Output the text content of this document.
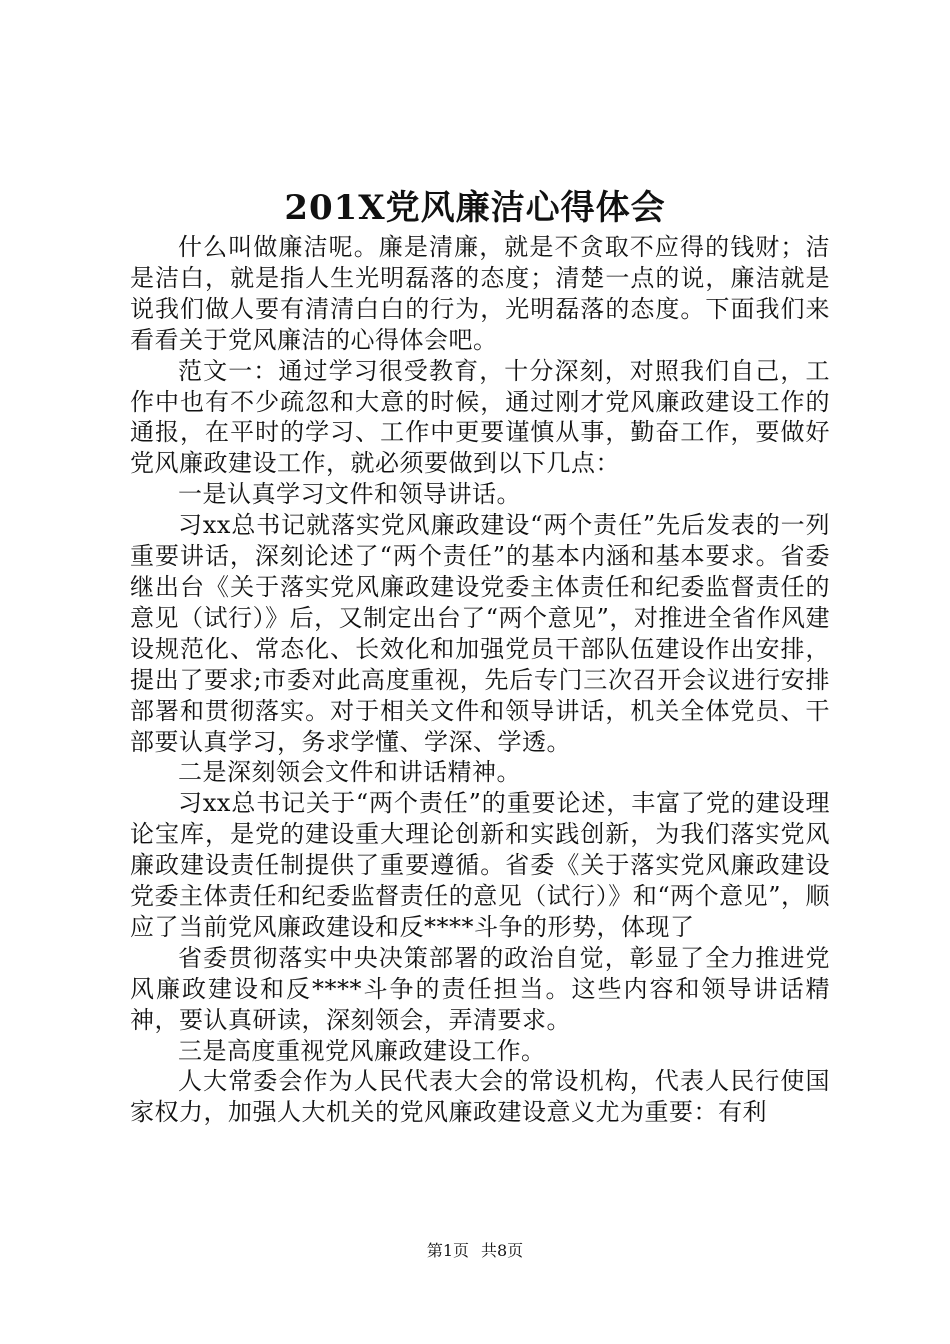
201X党风廉洁心得体会

什么叫做廉洁呢。廉是清廉，就是不贪取不应得的钱财；洁是洁白，就是指人生光明磊落的态度；清楚一点的说，廉洁就是说我们做人要有清清白白的行为，光明磊落的态度。下面我们来看看关于党风廉洁的心得体会吧。

范文一：通过学习很受教育，十分深刻，对照我们自己，工作中也有不少疏忽和大意的时候，通过刚才党风廉政建设工作的通报，在平时的学习、工作中更要谨慎从事，勤奋工作，要做好党风廉政建设工作，就必须要做到以下几点：

一是认真学习文件和领导讲话。

习xx总书记就落实党风廉政建设“两个责任”先后发表的一列重要讲话，深刻论述了“两个责任”的基本内涵和基本要求。省委继出台《关于落实党风廉政建设党委主体责任和纪委监督责任的意见（试行）》后，又制定出台了“两个意见”，对推进全省作风建设规范化、常态化、长效化和加强党员干部队伍建设作出安排，提出了要求;市委对此高度重视，先后专门三次召开会议进行安排部署和贯彻落实。对于相关文件和领导讲话，机关全体党员、干部要认真学习，务求学懂、学深、学透。

二是深刻领会文件和讲话精神。

习xx总书记关于“两个责任”的重要论述，丰富了党的建设理论宝库，是党的建设重大理论创新和实践创新，为我们落实党风廉政建设责任制提供了重要遵循。省委《关于落实党风廉政建设党委主体责任和纪委监督责任的意见（试行）》和“两个意见”，顺应了当前党风廉政建设和反****斗争的形势，体现了

省委贯彻落实中央决策部署的政治自觉，彰显了全力推进党风廉政建设和反****斗争的责任担当。这些内容和领导讲话精神，要认真研读，深刻领会，弄清要求。

三是高度重视党风廉政建设工作。

人大常委会作为人民代表大会的常设机构，代表人民行使国家权力，加强人大机关的党风廉政建设意义尤为重要：有利

第1页 共8页
